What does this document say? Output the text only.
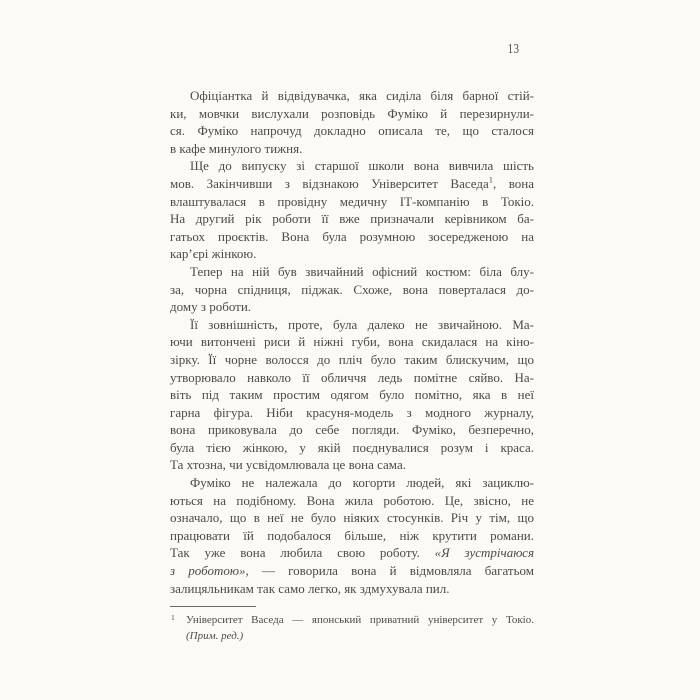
13
Офіціантка й відвідувачка, яка сиділа біля барної стій-
ки, мовчки вислухали розповідь Фуміко й перезирнули-
ся. Фуміко напрочуд докладно описала те, що сталося
в кафе минулого тижня.
Ще до випуску зі старшої школи вона вивчила шість
мов. Закінчивши з відзнакою Університет Васеда$^1$, вона
влаштувалася в провідну медичну ІТ-компанію в Токіо.
На другий рік роботи її вже призначали керівником ба-
гатьох проєктів. Вона була розумною зосередженою на
кар’єрі жінкою.
Тепер на ній був звичайний офісний костюм: біла блу-
за, чорна спідниця, піджак. Схоже, вона поверталася до-
дому з роботи.
Її зовнішність, проте, була далеко не звичайною. Ма-
ючи витончені риси й ніжні губи, вона скидалася на кіно-
зірку. Її чорне волосся до пліч було таким блискучим, що
утворювало навколо її обличчя ледь помітне сяйво. На-
віть під таким простим одягом було помітно, яка в неї
гарна фігура. Ніби красуня-модель з модного журналу,
вона приковувала до себе погляди. Фуміко, безперечно,
була тією жінкою, у якій поєднувалися розум і краса.
Та хтозна, чи усвідомлювала це вона сама.
Фуміко не належала до когорти людей, які зациклю-
ються на подібному. Вона жила роботою. Це, звісно, не
означало, що в неї не було ніяких стосунків. Річ у тім, що
працювати їй подобалося більше, ніж крутити романи.
Так уже вона любила свою роботу. «Я зустрічаюся
з роботою», — говорила вона й відмовляла багатьом
залицяльникам так само легко, як здмухувала пил.
1 Університет Васеда — японський приватний університет у Токіо.
(Прим. ред.)
